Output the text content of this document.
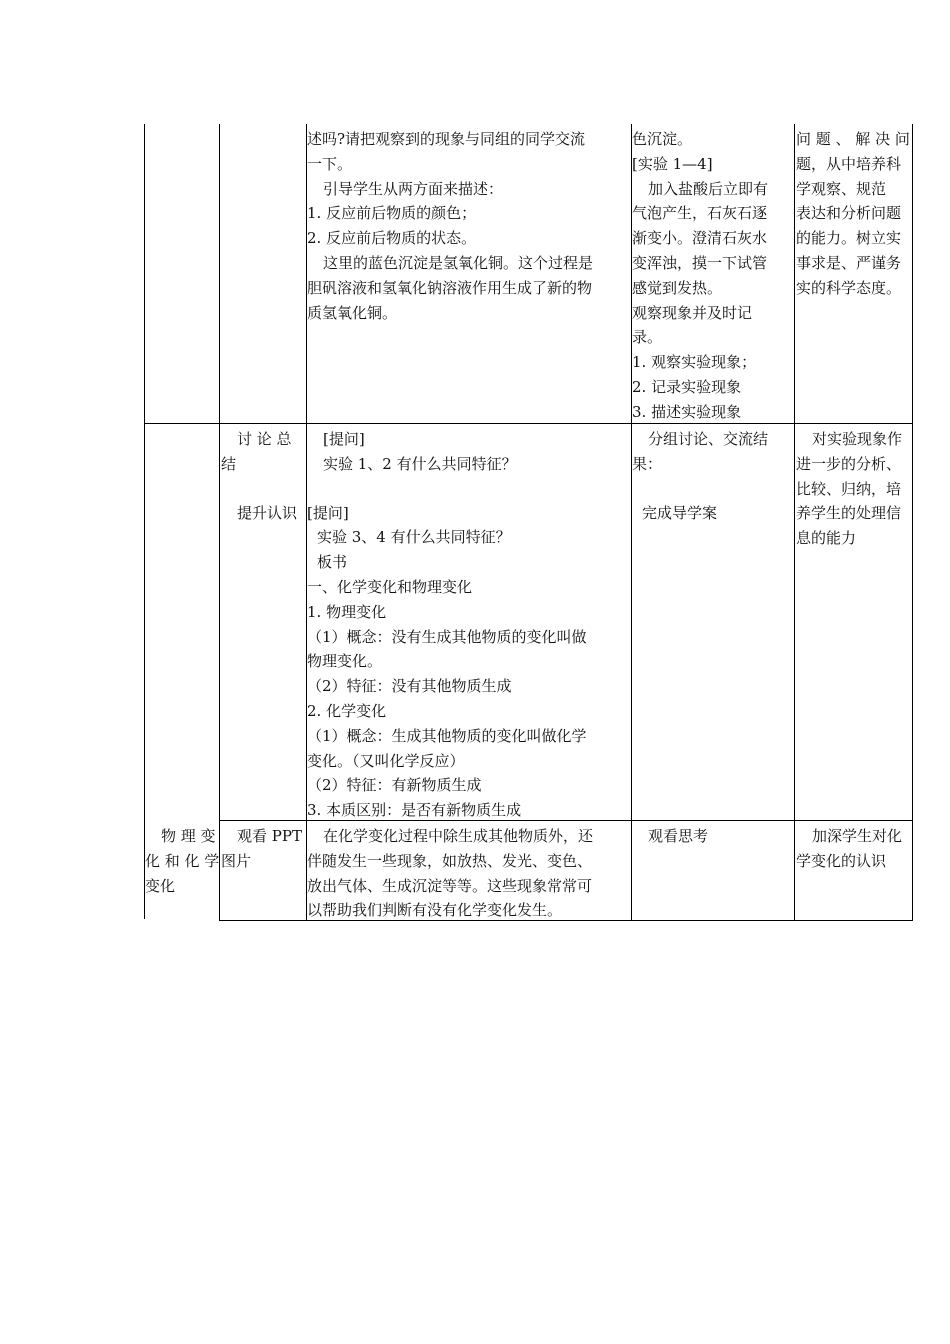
述吗?请把观察到的现象与同组的同学交流
一下。
引导学生从两方面来描述：
1. 反应前后物质的颜色；
2. 反应前后物质的状态。
这里的蓝色沉淀是氢氧化铜。这个过程是
胆矾溶液和氢氧化钠溶液作用生成了新的物
质氢氧化铜。
色沉淀。
[实验 1—4]
加入盐酸后立即有
气泡产生，石灰石逐
渐变小。澄清石灰水
变浑浊，摸一下试管
感觉到发热。
观察现象并及时记
录。
1. 观察实验现象；
2. 记录实验现象
3. 描述实验现象
问 题 、 解 决 问
题，从中培养科
学观察、规范
表达和分析问题
的能力。树立实
事求是、严谨务
实的科学态度。
物 理 变
化 和 化 学
变化
讨 论 总
结
提升认识
[提问]
实验 1、2 有什么共同特征？
[提问]
实验 3、4 有什么共同特征？
板书
一、化学变化和物理变化
1. 物理变化
（1）概念：没有生成其他物质的变化叫做
物理变化。
（2）特征：没有其他物质生成
2. 化学变化
（1）概念：生成其他物质的变化叫做化学
变化。（又叫化学反应）
（2）特征：有新物质生成
3. 本质区别：是否有新物质生成
分组讨论、交流结
果：
完成导学案
对实验现象作
进一步的分析、
比较、归纳，培
养学生的处理信
息的能力
观看 PPT
图片
在化学变化过程中除生成其他物质外，还
伴随发生一些现象，如放热、发光、变色、
放出气体、生成沉淀等等。这些现象常常可
以帮助我们判断有没有化学变化发生。
观看思考	加深学生对化
学变化的认识
